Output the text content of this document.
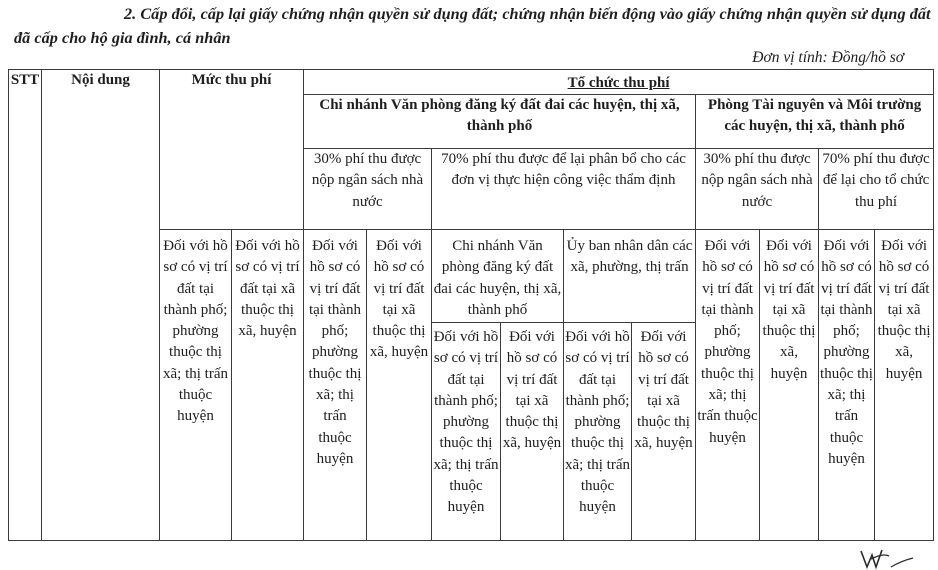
2. Cấp đổi, cấp lại giấy chứng nhận quyền sử dụng đất; chứng nhận biến động vào giấy chứng nhận quyền sử dụng đất đã cấp cho hộ gia đình, cá nhân
Đơn vị tính: Đồng/hồ sơ
STT	Nội dung	Mức thu phí		Tổ chức thu phí									
				Chi nhánh Văn phòng đăng ký đất đai các huyện, thị xã, thành phố						Phòng Tài nguyên và Môi trường các huyện, thị xã, thành phố			
				30% phí thu được nộp ngân sách nhà nước		70% phí thu được để lại phân bổ cho các đơn vị thực hiện công việc thẩm định				30% phí thu được nộp ngân sách nhà nước		70% phí thu được để lại cho tổ chức thu phí	
		Đối với hồ sơ có vị trí đất tại thành phố; phường thuộc thị xã; thị trấn thuộc huyện	Đối với hồ sơ có vị trí đất tại xã thuộc thị xã, huyện	Đối với hồ sơ có vị trí đất tại thành phố; phường thuộc thị xã; thị trấn thuộc huyện	Đối với hồ sơ có vị trí đất tại xã thuộc thị xã, huyện	Chi nhánh Văn phòng đăng ký đất đai các huyện, thị xã, thành phố		Ủy ban nhân dân các xã, phường, thị trấn		Đối với hồ sơ có vị trí đất tại thành phố; phường thuộc thị xã; thị trấn thuộc huyện	Đối với hồ sơ có vị trí đất tại xã thuộc thị xã, huyện	Đối với hồ sơ có vị trí đất tại thành phố; phường thuộc thị xã; thị trấn thuộc huyện	Đối với hồ sơ có vị trí đất tại xã thuộc thị xã, huyện
						Đối với hồ sơ có vị trí đất tại thành phố; phường thuộc thị xã; thị trấn thuộc huyện	Đối với hồ sơ có vị trí đất tại xã thuộc thị xã, huyện	Đối với hồ sơ có vị trí đất tại thành phố; phường thuộc thị xã; thị trấn thuộc huyện	Đối với hồ sơ có vị trí đất tại xã thuộc thị xã, huyện				
